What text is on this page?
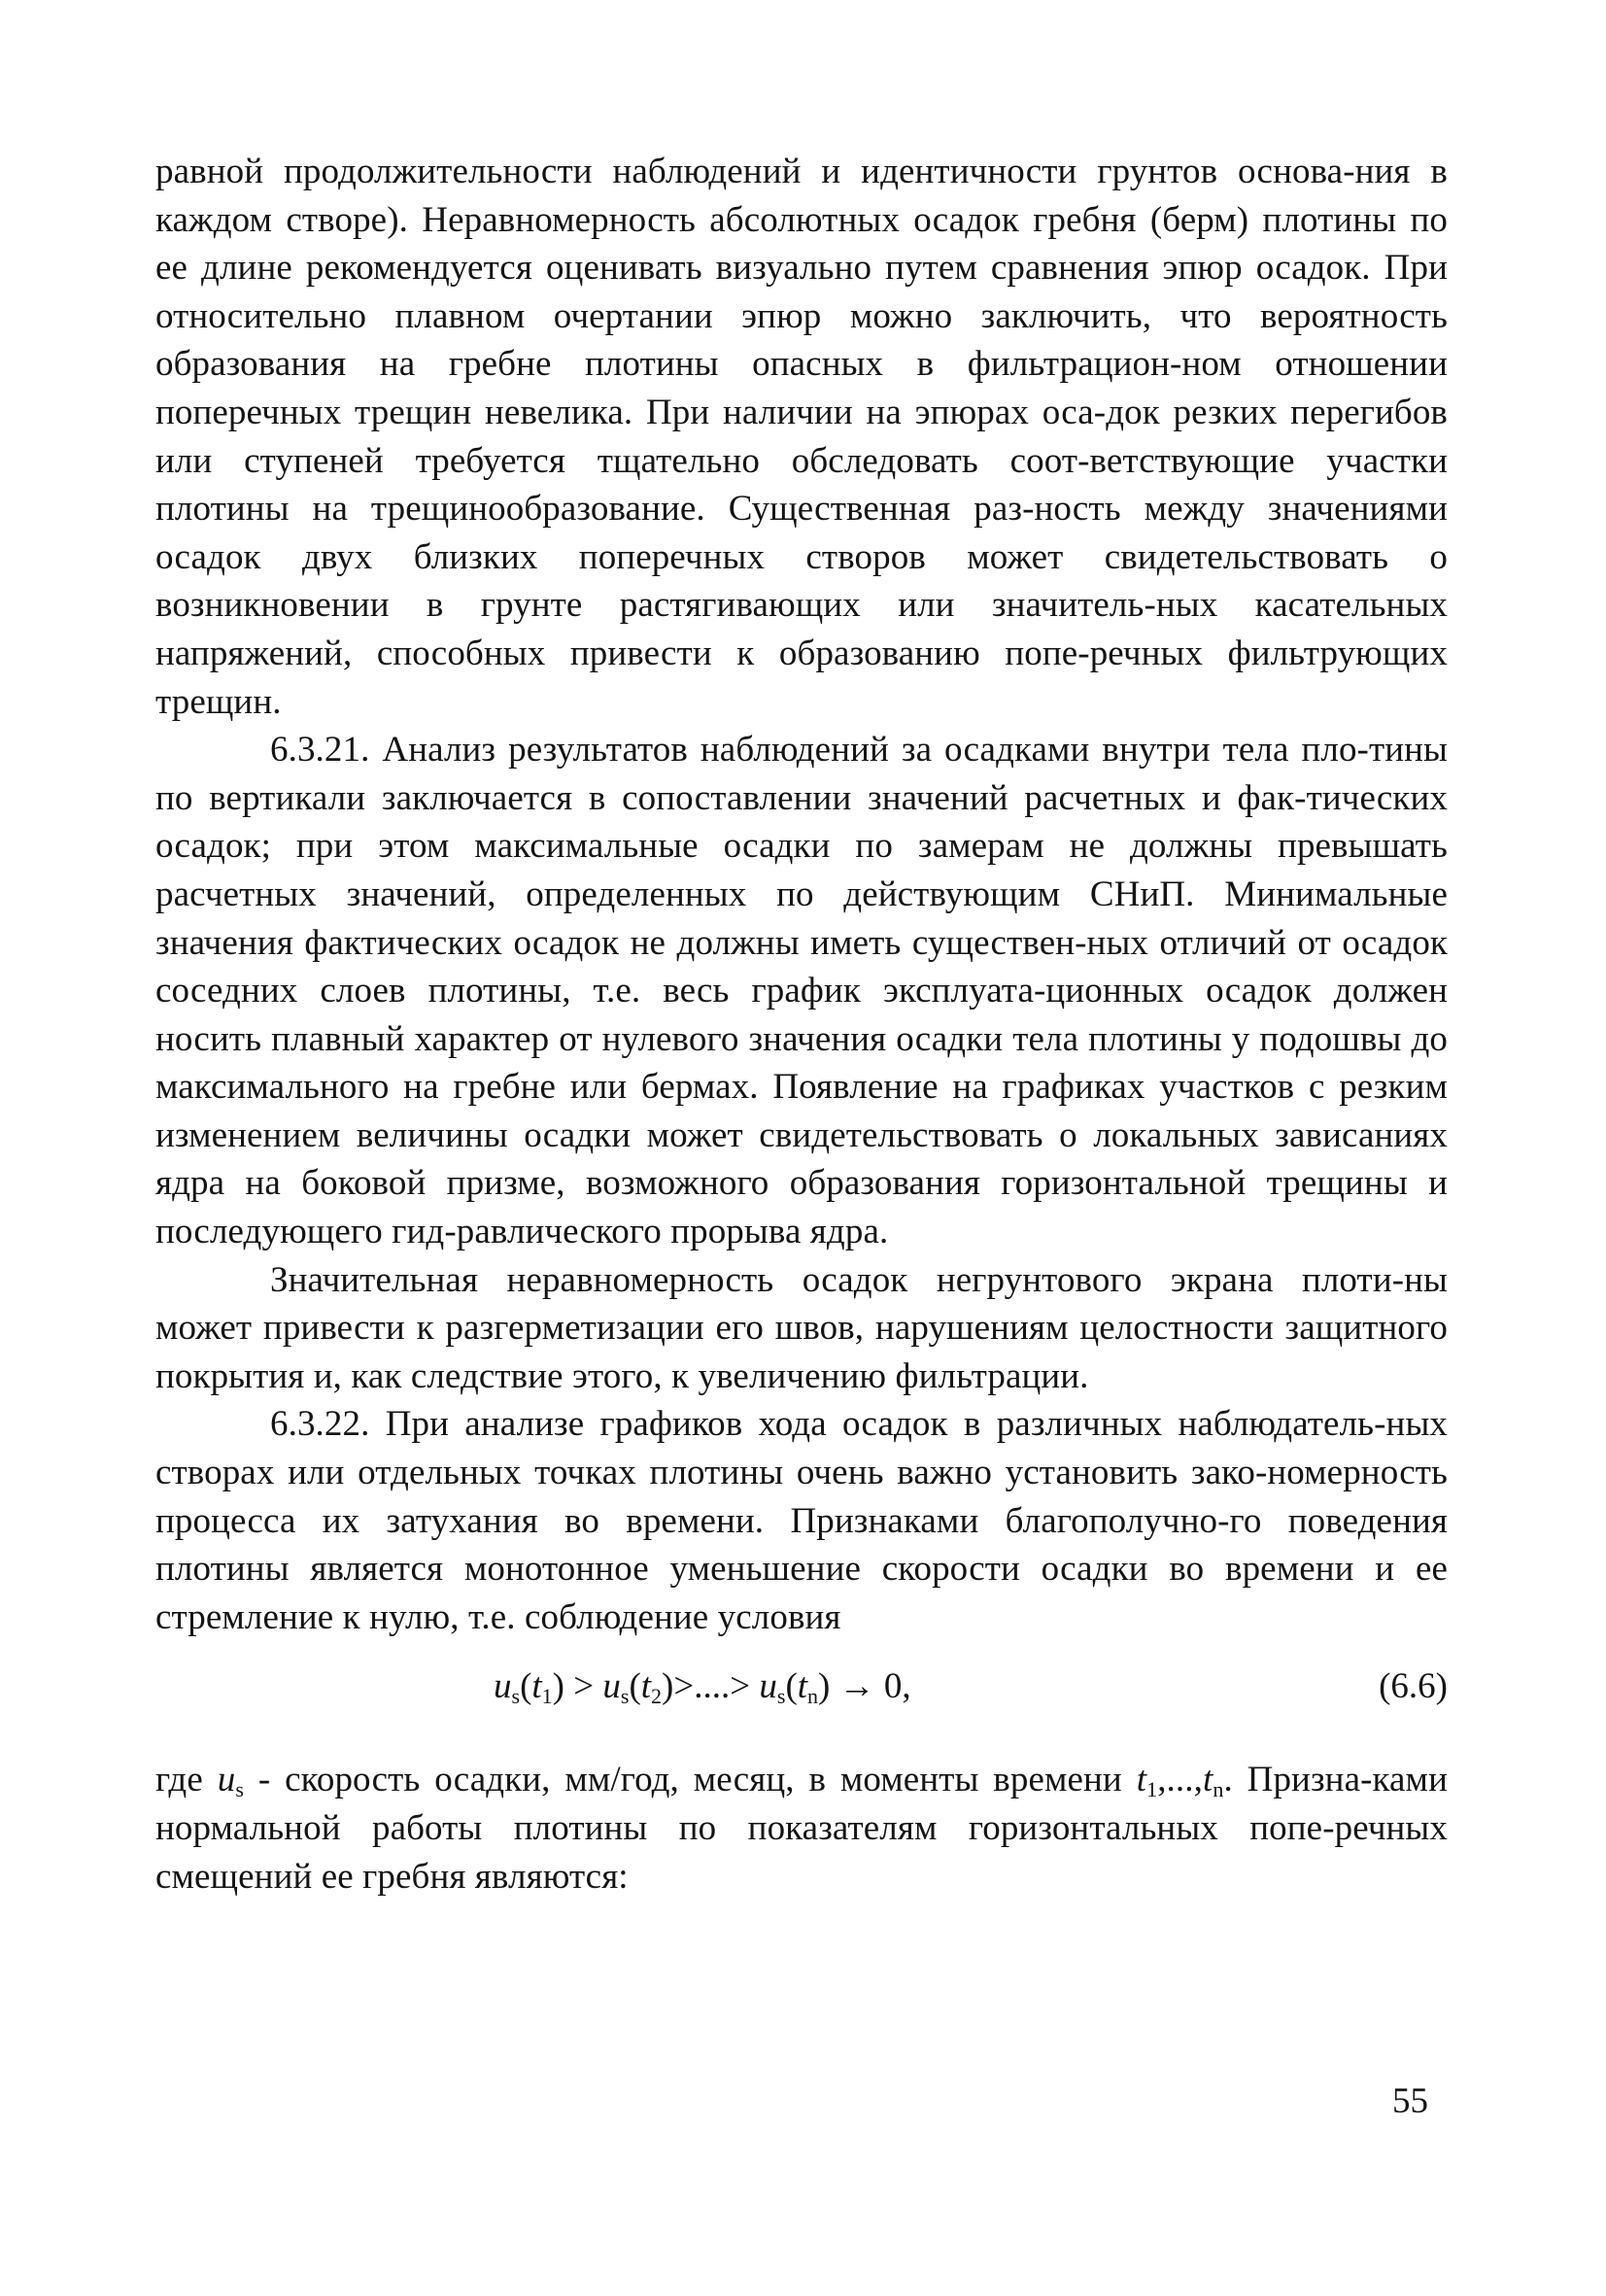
равной продолжительности наблюдений и идентичности грунтов основа-ния в каждом створе). Неравномерность абсолютных осадок гребня (берм) плотины по ее длине рекомендуется оценивать визуально путем сравнения эпюр осадок. При относительно плавном очертании эпюр можно заключить, что вероятность образования на гребне плотины опасных в фильтрацион-ном отношении поперечных трещин невелика. При наличии на эпюрах оса-док резких перегибов или ступеней требуется тщательно обследовать соот-ветствующие участки плотины на трещинообразование. Существенная раз-ность между значениями осадок двух близких поперечных створов может свидетельствовать о возникновении в грунте растягивающих или значитель-ных касательных напряжений, способных привести к образованию попе-речных фильтрующих трещин.

6.3.21. Анализ результатов наблюдений за осадками внутри тела пло-тины по вертикали заключается в сопоставлении значений расчетных и фак-тических осадок; при этом максимальные осадки по замерам не должны превышать расчетных значений, определенных по действующим СНиП. Минимальные значения фактических осадок не должны иметь существен-ных отличий от осадок соседних слоев плотины, т.е. весь график эксплуата-ционных осадок должен носить плавный характер от нулевого значения осадки тела плотины у подошвы до максимального на гребне или бермах. Появление на графиках участков с резким изменением величины осадки может свидетельствовать о локальных зависаниях ядра на боковой призме, возможного образования горизонтальной трещины и последующего гид-равлического прорыва ядра.

Значительная неравномерность осадок негрунтового экрана плоти-ны может привести к разгерметизации его швов, нарушениям целостности защитного покрытия и, как следствие этого, к увеличению фильтрации.

6.3.22. При анализе графиков хода осадок в различных наблюдатель-ных створах или отдельных точках плотины очень важно установить зако-номерность процесса их затухания во времени. Признаками благополучно-го поведения плотины является монотонное уменьшение скорости осадки во времени и ее стремление к нулю, т.е. соблюдение условия

$u_s(t_1) > u_s(t_2)>....> u_s(t_n) \to 0$,	(6.6)

где $u_s$ - скорость осадки, мм/год, месяц, в моменты времени $t_1,...,t_n$. Призна-ками нормальной работы плотины по показателям горизонтальных попе-речных смещений ее гребня являются:

55
